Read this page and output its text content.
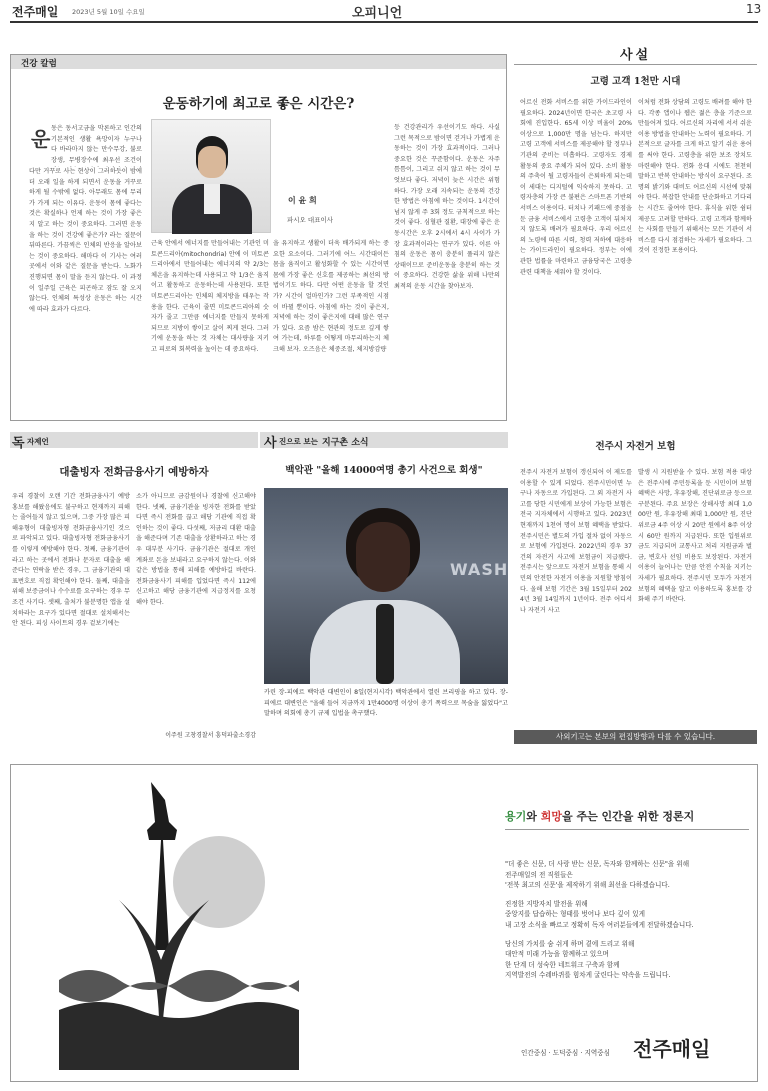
전주매일 2023년 5월 10일 수요일	오피니언	13
건강 칼럼
운동하기에 최고로 좋은 시간은?
운 동은 동서고금을 막론하고 인간의 기본적인 생활 욕망이자 누구나 다 바라마지 않는 만수무강, 불로장생, 무병장수에 최우선 조건이
다만 거꾸로 사는 현상이 그러하듯이 밤에 더 오래 일을 하게 되면서 운동을 거꾸로 하게 될 수밖에 없다. 아무래도 몸에 무리가 가게 되는 이유다. 운동이 몸에 좋다는 것은 확실하나 언제 하는 것이 가장 좋은지 알고 하는 것이 중요하다. 그러면 운동을 하는 것이 건강에 좋은가? 라는 질문이 뒤따른다. 가끔씩은 인체의 반응을 알아보는 것이 중요하다. 해마다 이 기사는 여러 곳에서 이와 같은 질문을 받는다. 노화가 진행되면 몸이 말을 듣지 않는다. 이 과정이 일주일 근육은 피곤하고 잠도 잘 오지 않는다. 인체의 특성상 운동은 하는 시간에 따라 효과가 다르다.
이 윤 희
파시오 대표이사
근육 안에서 에너지를 만들어내는 기관인 미토콘드리아(mitochondria) 안에 이 미토콘드리아에서 만들어내는 에너지의 약 2/3는 체온을 유지하는데 사용되고 약 1/3은 움직이고 활동하고 운동하는데 사용된다. 또한 미토콘드리아는 인체의 체지방을 태우는 작용을 한다. 근육이 줄면 미토콘드리아의 숫자가 줄고 그만큼 에너지를 만들지 못하게 되므로 지방이 쌓이고 살이 찌게 된다. 그러기에 운동을 하는 것 자체는 대사량을 지키고 피로의 회복력을 높이는 데 중요하다.
을 유지하고 생활이 더욱 배가되게 하는 중요한 요소이다. 그러기에 어느 시간대이든 몸을 움직이고 활성화할 수 있는 시간이면 몸에 가장 좋은 신호를 제공하는 최선의 방법이기도 하다. 다만 어떤 운동을 할 것인가? 시간이 얼마인가? 그런 부족적인 시점이 바뀔 뿐이다. 아침에 하는 것이 좋은지, 저녁에 하는 것이 좋은지에 대해 많은 연구가 있다. 요즘 밤은 현관의 정도로 깊게 쌓여 가는데, 하루를 어떻게 마무리하는지 체크해 보자. 오즈음은 체중조절, 체지방감량
등 건강관리가 우선이기도 하다. 사실 그런 목적으로 밤이면 걷거나 가볍게 운동하는 것이 가장 효과적이다. 그러나 중요한 것은 꾸준함이다. 운동은 자주 틈틈이, 그리고 쉬지 않고 하는 것이 무엇보다 좋다. 저녁이 늦은 시간은 위험하다. 가장 오래 지속되는 운동의 건강한 방법은 아침에 하는 것이다. 1시간이 넘지 않게 주 3회 정도 규칙적으로 하는 것이 좋다. 심혈관 질환, 대장에 좋은 운동시간은 오후 2시에서 4시 사이가 가장 효과적이라는 연구가 있다. 이른 아침의 운동은 몸이 충분히 풀리지 않은 상태이므로 준비운동을 충분히 하는 것이 중요하다. 건강한 삶을 위해 나만의 최적의 운동 시간을 찾아보자.
사설
고령 고객 1천만 시대
어르신 전화 서비스를 위한 가이드라인이 필요하다. 2024년이면 한국은 초고령 사회에 진입한다. 65세 이상 비율이 20% 이상으로 1,000만 명을 넘는다. 하지만 고령 고객에 서비스를 제공해야 할 정부나 기관의 준비는 미흡하다. 고령자도 경제 활동의 중요 주체가 되어 있다. 소비 활동의 주축이 될 고령자들이 은퇴하게 되는데 이 세대는 디지털에 익숙하지 못하다. 고령자층의 가장 큰 불편은 스마트폰 기반의 서비스 이용이다. 터치나 키패드에 중점을 둔 금융 서비스에서 고령층 고객이 뒤처지지 않도록 배려가 필요하다. 우리 어르신의 노령에 따른 시력, 청력 저하에 대응하는 가이드라인이 필요하다. 정부는 이에 관한 법률을 마련하고 금융당국은 고령층 관련 대책을 세워야 할 것이다.
이처럼 전화 상담의 고령도 배려를 해야 한다. 각종 앱이나 웹은 젊은 층을 기준으로 만들어져 있다. 어르신의 자리에 서서 쉬운 이용 방법을 안내하는 노력이 필요하다. 기본적으로 글자를 크게 하고 알기 쉬운 용어를 써야 한다. 고령층을 위한 보조 장치도 마련해야 한다. 전화 응대 시에도 천천히 말하고 반복 안내하는 방식이 요구된다. 조명의 밝기와 대비도 어르신의 시선에 맞춰야 한다. 복잡한 안내를 단순화하고 기다리는 시간도 줄여야 한다. 휴식을 위한 쉼터 제공도 고려할 만하다. 고령 고객과 함께하는 사회를 만들기 위해서는 모든 기관이 서비스를 다시 점검하는 자세가 필요하다. 그것이 진정한 포용이다.
전주시 자전거 보험
전주시 자전거 보험이 갱신되어 이 제도를 이용할 수 있게 되었다. 전주시민이면 누구나 자동으로 가입된다. 그 외 자전거 사고를 당한 시민에게 보상이 가능한 보험은 전국 지자체에서 시행하고 있다. 2023년 현재까지 1천여 명이 보험 혜택을 받았다. 전주시민은 별도의 가입 절차 없이 자동으로 보험에 가입된다. 2022년의 경우 37건의 자전거 사고에 보험금이 지급됐다. 전주시는 앞으로도 자전거 보험을 통해 시민의 안전한 자전거 이용을 지원할 방침이다. 올해 보험 기간은 3월 15일부터 2024년 3월 14일까지 1년이다. 전주 어디서나 자전거 사고
발생 시 지원받을 수 있다. 보험 적용 대상은 전주시에 주민등록을 둔 시민이며 보험 혜택은 사망, 후유장해, 진단위로금 등으로 구분된다. 주요 보장은 상해사망 최대 1,000만 원, 후유장해 최대 1,000만 원, 진단위로금 4주 이상 시 20만 원에서 8주 이상 시 60만 원까지 지급된다. 또한 입원위로금도 지급되며 교통사고 처리 지원금과 벌금, 변호사 선임 비용도 보장된다. 자전거 이용이 늘어나는 만큼 안전 수칙을 지키는 자세가 필요하다. 전주시민 모두가 자전거 보험의 혜택을 알고 이용하도록 홍보를 강화해 주기 바란다.
사외기고는 본보의 편집방향과 다를 수 있습니다.
독 자제언
대출빙자 전화금융사기 예방하자
우리 경찰이 오랜 기간 전화금융사기 예방 홍보를 해왔음에도 불구하고 현재까지 피해는 줄어들지 않고 있으며, 그중 가장 많은 피해유형이 대출빙자형 전화금융사기인 것으로 파악되고 있다. 대출빙자형 전화금융사기를 이렇게 예방해야 한다. 첫째, 금융기관이라고 하는 곳에서 전화나 문자로 대출을 해준다는 연락을 받은 경우, 그 금융기관의 대표번호로 직접 확인해야 한다. 둘째, 대출을 위해 보증금이나 수수료를 요구하는 경우 무조건 사기다. 셋째, 출처가 불분명한 앱을 설치하라는 요구가 있다면 절대로 설치해서는 안 된다. 피싱 사이트의 경우 겉보기에는
소가 아니므로 금감원이나 경찰에 신고해야 한다. 넷째, 금융기관을 빙자한 전화를 받았다면 즉시 전화를 끊고 해당 기관에 직접 확인하는 것이 좋다. 다섯째, 저금리 대환 대출을 해준다며 기존 대출을 상환하라고 하는 경우 대부분 사기다. 금융기관은 절대로 개인 계좌로 돈을 보내라고 요구하지 않는다. 이와 같은 방법을 통해 피해를 예방하길 바란다. 전화금융사기 피해를 입었다면 즉시 112에 신고하고 해당 금융기관에 지급정지를 요청해야 한다.
이주원 고창경찰서 흥덕파출소경감
사 진으로 보는 지구촌 소식
백악관 "올해 14000여명 총기 사건으로 회생"
WASH
카린 장-피에르 백악관 대변인이 8일(현지시각) 백악관에서 열린 브리핑을 하고 있다. 장-피에르 대변인은 "올해 들어 지금까지 1만4000명 이상이 총기 폭력으로 목숨을 잃었다"고 말하며 의회에 총기 규제 입법을 촉구했다.
용기와 희망을 주는 인간을 위한 정론지
"더 좋은 신문, 더 사랑 받는 신문, 독자와 함께하는 신문"을 위해
전주매일의 전 직원들은
'전북 최고의 신문'을 제작하기 위해 최선을 다하겠습니다.
진정한 지방자치 발전을 위해
중앙지를 답습하는 형태를 벗어나 보다 깊이 있게
내 고장 소식을 빠르고 정확히 독자 여러분들에게 전달하겠습니다.
당신의 가치를 숨 쉬게 하며 곁에 드리고 위해
대안적 미래 가능을 함께하고 있으며
한 단계 더 성숙한 네트워크 구축과 함께
지역발전의 수레바퀴를 힘차게 굴린다는 약속을 드립니다.
인간중심 · 도덕중심 · 지역중심 전주매일
